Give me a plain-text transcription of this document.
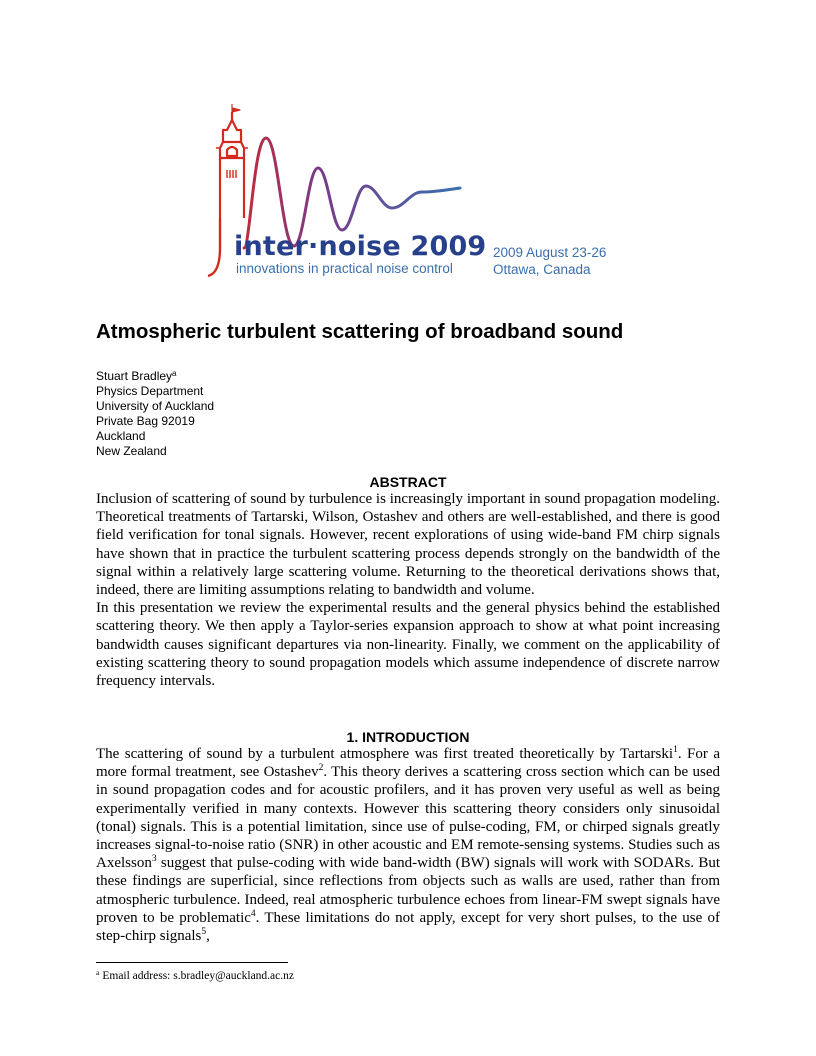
inter·noise 2009
innovations in practical noise control
2009 August 23-26
Ottawa, Canada
Atmospheric turbulent scattering of broadband sound
Stuart Bradley$^a$
Physics Department
University of Auckland
Private Bag 92019
Auckland
New Zealand
ABSTRACT

Inclusion of scattering of sound by turbulence is increasingly important in sound propagation modeling. Theoretical treatments of Tartarski, Wilson, Ostashev and others are well-established, and there is good field verification for tonal signals. However, recent explorations of using wide-band FM chirp signals have shown that in practice the turbulent scattering process depends strongly on the bandwidth of the signal within a relatively large scattering volume. Returning to the theoretical derivations shows that, indeed, there are limiting assumptions relating to bandwidth and volume.

In this presentation we review the experimental results and the general physics behind the established scattering theory. We then apply a Taylor-series expansion approach to show at what point increasing bandwidth causes significant departures via non-linearity. Finally, we comment on the applicability of existing scattering theory to sound propagation models which assume independence of discrete narrow frequency intervals.

1. INTRODUCTION

The scattering of sound by a turbulent atmosphere was first treated theoretically by Tartarski$^1$. For a more formal treatment, see Ostashev$^2$. This theory derives a scattering cross section which can be used in sound propagation codes and for acoustic profilers, and it has proven very useful as well as being experimentally verified in many contexts. However this scattering theory considers only sinusoidal (tonal) signals. This is a potential limitation, since use of pulse-coding, FM, or chirped signals greatly increases signal-to-noise ratio (SNR) in other acoustic and EM remote-sensing systems. Studies such as Axelsson$^3$ suggest that pulse-coding with wide band-width (BW) signals will work with SODARs. But these findings are superficial, since reflections from objects such as walls are used, rather than from atmospheric turbulence. Indeed, real atmospheric turbulence echoes from linear-FM swept signals have proven to be problematic$^4$. These limitations do not apply, except for very short pulses, to the use of step-chirp signals$^5$,

$^a$ Email address: s.bradley@auckland.ac.nz
